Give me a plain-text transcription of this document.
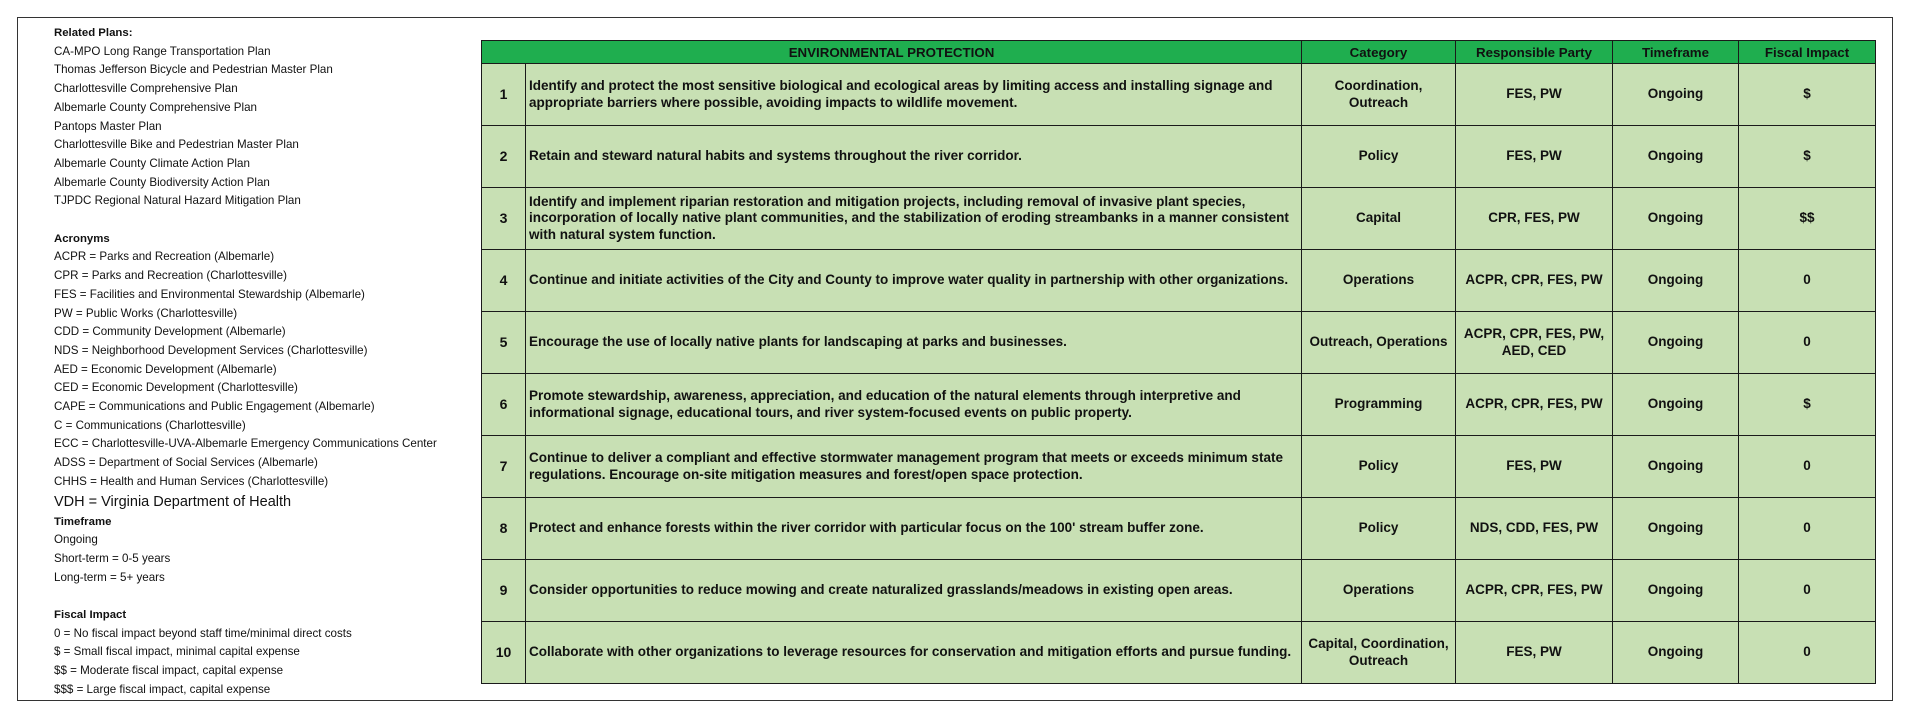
Related Plans:
CA-MPO Long Range Transportation Plan
Thomas Jefferson Bicycle and Pedestrian Master Plan
Charlottesville Comprehensive Plan
Albemarle County Comprehensive Plan
Pantops Master Plan
Charlottesville Bike and Pedestrian Master Plan
Albemarle County Climate Action Plan
Albemarle County Biodiversity Action Plan
TJPDC Regional Natural Hazard Mitigation Plan
Acronyms
ACPR = Parks and Recreation (Albemarle)
CPR = Parks and Recreation (Charlottesville)
FES = Facilities and Environmental Stewardship (Albemarle)
PW = Public Works (Charlottesville)
CDD = Community Development (Albemarle)
NDS = Neighborhood Development Services (Charlottesville)
AED = Economic Development (Albemarle)
CED = Economic Development (Charlottesville)
CAPE = Communications and Public Engagement (Albemarle)
C = Communications (Charlottesville)
ECC = Charlottesville-UVA-Albemarle Emergency Communications Center
ADSS = Department of Social Services (Albemarle)
CHHS = Health and Human Services (Charlottesville)
VDH = Virginia Department of Health
Timeframe
Ongoing
Short-term = 0-5 years
Long-term = 5+ years
Fiscal Impact
0 = No fiscal impact beyond staff time/minimal direct costs
$ = Small fiscal impact, minimal capital expense
$$ = Moderate fiscal impact, capital expense
$$$ = Large fiscal impact, capital expense
ENVIRONMENTAL PROTECTION		Category	Responsible Party	Timeframe	Fiscal Impact
1	Identify and protect the most sensitive biological and ecological areas by limiting access and installing signage and appropriate barriers where possible, avoiding impacts to wildlife movement.	Coordination, Outreach	FES, PW	Ongoing	$
2	Retain and steward natural habits and systems throughout the river corridor.	Policy	FES, PW	Ongoing	$
3	Identify and implement riparian restoration and mitigation projects, including removal of invasive plant species, incorporation of locally native plant communities, and the stabilization of eroding streambanks in a manner consistent with natural system function.	Capital	CPR, FES, PW	Ongoing	$$
4	Continue and initiate activities of the City and County to improve water quality in partnership with other organizations.	Operations	ACPR, CPR, FES, PW	Ongoing	0
5	Encourage the use of locally native plants for landscaping at parks and businesses.	Outreach, Operations	ACPR, CPR, FES, PW, AED, CED	Ongoing	0
6	Promote stewardship, awareness, appreciation, and education of the natural elements through interpretive and informational signage, educational tours, and river system-focused events on public property.	Programming	ACPR, CPR, FES, PW	Ongoing	$
7	Continue to deliver a compliant and effective stormwater management program that meets or exceeds minimum state regulations. Encourage on-site mitigation measures and forest/open space protection.	Policy	FES, PW	Ongoing	0
8	Protect and enhance forests within the river corridor with particular focus on the 100' stream buffer zone.	Policy	NDS, CDD, FES, PW	Ongoing	0
9	Consider opportunities to reduce mowing and create naturalized grasslands/meadows in existing open areas.	Operations	ACPR, CPR, FES, PW	Ongoing	0
10	Collaborate with other organizations to leverage resources for conservation and mitigation efforts and pursue funding.	Capital, Coordination, Outreach	FES, PW	Ongoing	0
